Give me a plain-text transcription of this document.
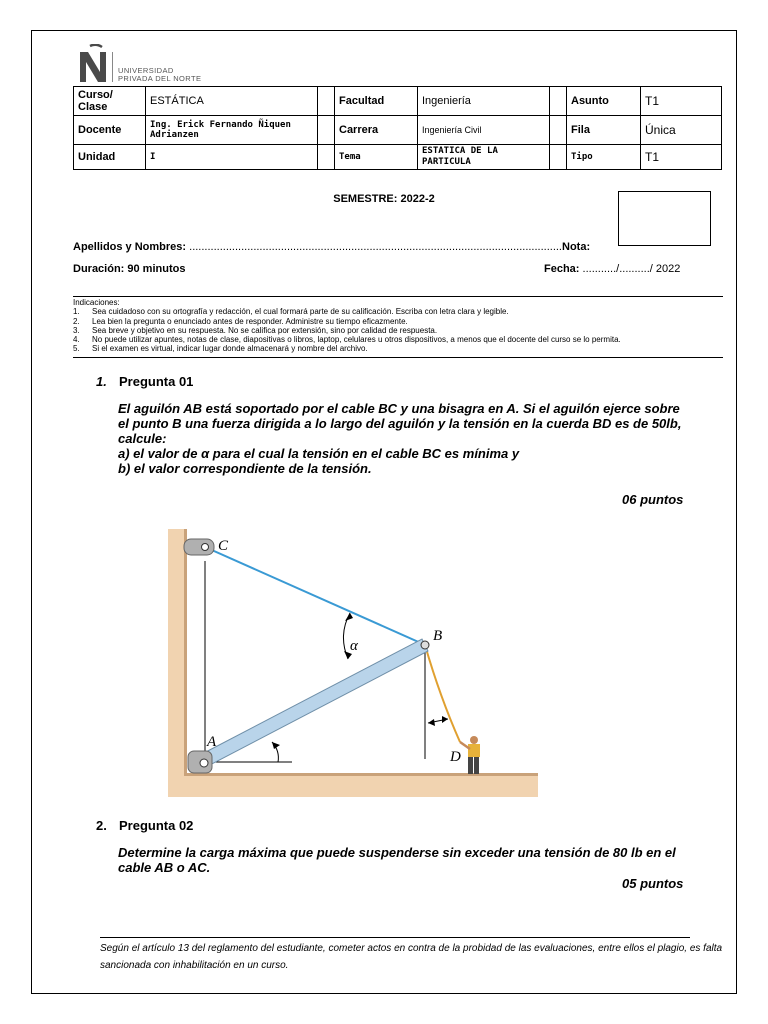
UNIVERSIDAD
PRIVADA DEL NORTE
Curso/ Clase	ESTÁTICA		Facultad	Ingeniería		Asunto	T1
Docente	Ing. Erick Fernando Ñiquen Adrianzen		Carrera	Ingeniería Civil		Fila	Única
Unidad	I		Tema	ESTATICA DE LA PARTICULA		Tipo	T1
SEMESTRE: 2022-2
Apellidos y Nombres: ..........................................................................................................................Nota:
Duración: 90 minutos	Fecha: .........../........../ 2022
Indicaciones:
1. Sea cuidadoso con su ortografía y redacción, el cual formará parte de su calificación. Escriba con letra clara y legible.
2. Lea bien la pregunta o enunciado antes de responder. Administre su tiempo eficazmente.
3. Sea breve y objetivo en su respuesta. No se califica por extensión, sino por calidad de respuesta.
4. No puede utilizar apuntes, notas de clase, diapositivas o libros, laptop, celulares u otros dispositivos, a menos que el docente del curso se lo permita.
5. Si el examen es virtual, indicar lugar donde almacenará y nombre del archivo.
1. Pregunta 01
El aguilón AB está soportado por el cable BC y una bisagra en A. Si el aguilón ejerce sobre
el punto B una fuerza dirigida a lo largo del aguilón y la tensión en la cuerda BD es de 50lb,
calcule:
a) el valor de α para el cual la tensión en el cable BC es mínima y
b) el valor correspondiente de la tensión.
06 puntos
C
B
A
D
α
2. Pregunta 02
Determine la carga máxima que puede suspenderse sin exceder una tensión de 80 lb en el
cable AB o AC.
05 puntos
Según el artículo 13 del reglamento del estudiante, cometer actos en contra de la probidad de las evaluaciones, entre ellos el plagio, es falta sancionada con inhabilitación en un curso.
